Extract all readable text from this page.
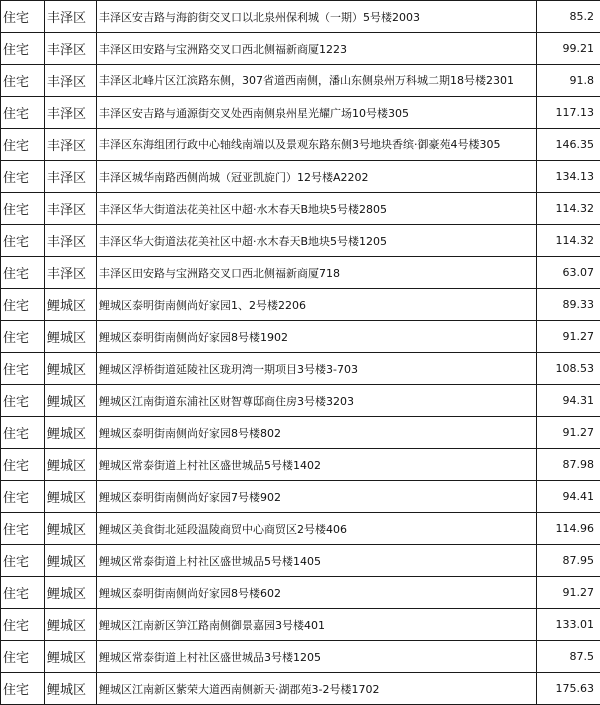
住宅	丰泽区	丰泽区安吉路与海韵街交叉口以北泉州保利城（一期）5号楼2003	85.2
住宅	丰泽区	丰泽区田安路与宝洲路交叉口西北侧福新商厦1223	99.21
住宅	丰泽区	丰泽区北峰片区江滨路东侧，307省道西南侧，潘山东侧泉州万科城二期18号楼2301	91.8
住宅	丰泽区	丰泽区安吉路与通源街交叉处西南侧泉州星光耀广场10号楼305	117.13
住宅	丰泽区	丰泽区东海组团行政中心轴线南端以及景观东路东侧3号地块香缤·御豪苑4号楼305	146.35
住宅	丰泽区	丰泽区城华南路西侧尚城（冠亚凯旋门）12号楼A2202	134.13
住宅	丰泽区	丰泽区华大街道法花美社区中超·水木春天B地块5号楼2805	114.32
住宅	丰泽区	丰泽区华大街道法花美社区中超·水木春天B地块5号楼1205	114.32
住宅	丰泽区	丰泽区田安路与宝洲路交叉口西北侧福新商厦718	63.07
住宅	鲤城区	鲤城区泰明街南侧尚好家园1、2号楼2206	89.33
住宅	鲤城区	鲤城区泰明街南侧尚好家园8号楼1902	91.27
住宅	鲤城区	鲤城区浮桥街道延陵社区珑玥湾一期项目3号楼3-703	108.53
住宅	鲤城区	鲤城区江南街道东浦社区财智尊邸商住房3号楼3203	94.31
住宅	鲤城区	鲤城区泰明街南侧尚好家园8号楼802	91.27
住宅	鲤城区	鲤城区常泰街道上村社区盛世城品5号楼1402	87.98
住宅	鲤城区	鲤城区泰明街南侧尚好家园7号楼902	94.41
住宅	鲤城区	鲤城区美食街北延段温陵商贸中心商贸区2号楼406	114.96
住宅	鲤城区	鲤城区常泰街道上村社区盛世城品5号楼1405	87.95
住宅	鲤城区	鲤城区泰明街南侧尚好家园8号楼602	91.27
住宅	鲤城区	鲤城区江南新区笋江路南侧御景嘉园3号楼401	133.01
住宅	鲤城区	鲤城区常泰街道上村社区盛世城品3号楼1205	87.5
住宅	鲤城区	鲤城区江南新区紫荣大道西南侧新天·湖郡苑3-2号楼1702	175.63
